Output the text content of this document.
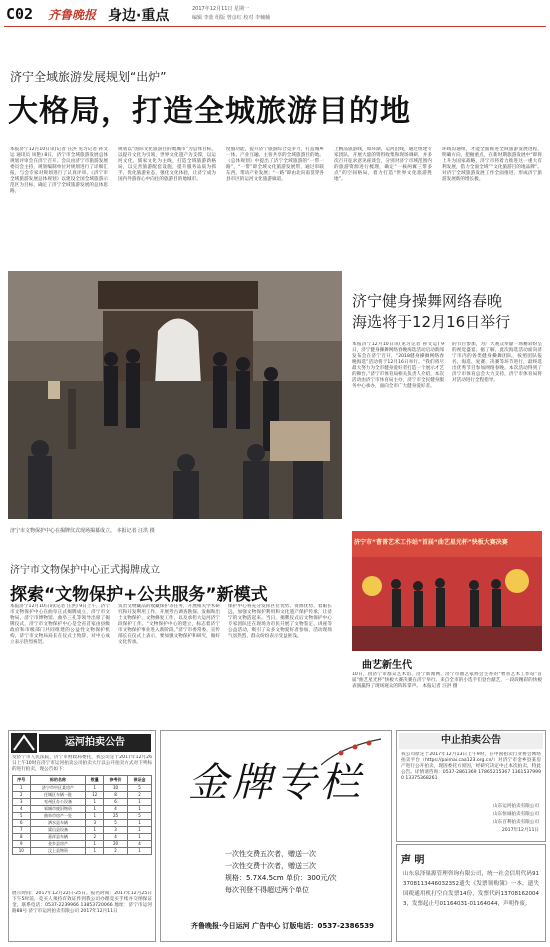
C02 齐鲁晚报 身边·重点	2017年12月11日 星期一
编辑 李蓝 组版 曾彦红 校对 李楠楠
济宁全域旅游发展规划“出炉”
大格局，打造全城旅游目的地
本报济宁12月10日讯(记者 汪洪 见习记者 孙文运 通讯员 凤艳) 8日，济宁市全域旅游发展总体规划评审会在济宁召开。会议由济宁市旅游发展委员会主持，规划编制单位对规划进行了详细汇报，与会专家对规划进行了认真评审。《济宁市全域旅游发展总体规划》以建设全国全域旅游示范区为目标，确定了济宁全域旅游发展的总体思路。
规划以“国际文化旅游目的地城市”为总体目标，以提升文化为引领，世界文化遗产为支撑，以运河文化、儒家文化为主线，打造全域旅游新格局，以完善旅游配套设施，提升服务品质为抓手，优化旅游业态，强化文化体验，让济宁成为国内外游客心中向往的旅游目的地城市。
度假功能，提升济宁旅游综合竞争力，打造城乡一体、产业互融、主客共享的全域旅游目的地。《总体规划》中提出了济宁全域旅游的“一带一路”，“一带”即全域文化旅游发展带，通过串联东西，带动产业发展；“一路”即由北向南贯穿各县市区的运河文化旅游廊道。
上精品旅游线，如环湖、运河沿线，通过组建专家团队，开展大量的资料收集和现场调研，并多次召开征求意见座谈会，分别对济宁市域范围内的旅游资源进行梳理，确定“一核两翼三带多点”的空间格局，着力打造“世界文化旅游胜地”。
环线沟通组，才能全面推进全域旅游发展进程，明确方向，把握重点，在新时期旅游发展中“即将上升为国家战略，济宁市将着力推进这一重大有利发展，借力全面全域”“文化旅游目的地品牌”。对济宁全域旅游发展工作全面推进，形成济宁旅游发展新的增长极。
济宁市文物保护中心在揭牌仪式现场揭幕成立。 本报记者 汪洪 摄
济宁健身操舞网络春晚
海选将于12月16日举行
本报济宁12月10日讯(见习记者 孙文运) 9日，济宁健身操舞网络春晚海选活动启动新闻发布会在济宁召开，“2018健身操舞网络春晚海选”活动将于12月16日举行。“我们将尽最大努力为全市健身爱好者打造一个展示才艺的舞台。”济宁市体育局相关负责人介绍，本次活动由济宁市体育局主办，济宁市全民健身服务中心承办，面向全市广大健身爱好者。
的节目参加，为广大观众奉献一场精彩纷呈的视觉盛宴。据了解，此次海选活动面向济宁市内的各类健身操舞团队，按照团队报名、海选、复赛、决赛等环节进行，最终选出优秀节目参加网络春晚。本次活动得到了济宁市体育总会大力支持，济宁市体育局将对活动进行全程指导。
济宁市文物保护中心正式揭牌成立
探索“文物保护+公共服务”新模式
本报济宁12月10日讯(记者 汪洪) 9日上午，济宁市文物保护中心在曲阜正式揭牌成立，济宁市文物局、济宁市博物馆、曲阜三孔等领导出席了揭牌仪式，济宁市文物保护中心是全省首家由县级政府和市级部门共同组建的公益性文物保护机构，济宁市文物局局长在仪式上致辞，对中心成立表示热烈祝贺。
负责文物藏品的收藏保护等任务，开展相关学术研究和开发利用工作，开展考古调查勘探、发掘和出土文物保护、文物修复工作，以及承担大运河济宁段保护工作。“文物保护中心的建立，标志着济宁市文物保护事业进入新阶段。”济宁市委常委、宣传部长在仪式上表示，要加强文物保护和研究，做好文化传承。
保护中心将充分发挥区位优势、资源优势，着眼长远，加强文物保护利用和文化遗产保护传承，让济宁的文物活起来。当日，揭牌仪式后文物保护中心专家团队还在现场为市民开展了文物鉴定、讲座等公益活动，吸引了众多文物爱好者参加，活动现场气氛热烈，群众纷纷表示受益匪浅。
济宁市“曹普艺术工作站”首届“曲艺星光杯”快板大赛决赛
曲艺新生代
10日，由济宁市群众艺术馆、济宁新闻网、济宁市曲艺家协会主办的“曹普艺术工作站”首届“曲艺星光杯”快板大赛决赛在济宁举行。来自全市的小选手们登台献艺，一段段精彩的快板表演赢得了现场观众的阵阵掌声。 本报记者 汪洪 摄
运河拍卖公告
受济宁市人民法院、济宁市财政局委托，我公司定于2017年12月26日上午10时在济宁市运河拍卖公司拍卖大厅以公开拍卖方式对下列标的进行拍卖，现公告如下：
序号	标的名称	数量	参考价	保证金
1	济宁市中区某房产	1	30	5
2	任城区车辆一批	12	8	2
3	兖州区办公设备	1	6	1
4	邹城市废旧物资	1	4	1
5	曲阜市房产一处	1	25	5
6	泗水县车辆	3	5	1
7	梁山县设备	1	3	1
8	嘉祥县车辆	2	4	1
9	金乡县房产	1	20	4
10	汶上县物资	1	2	1
展示时间：2017年12月22日-25日。报名时间：2017年12月25日下午5时前，竞买人须持有效证件到我公司办理竞买手续并交纳保证金。联系电话：0537-2239966 13853720066 地址：济宁市运河路88号 济宁市运河拍卖有限公司 2017年12月11日
金牌专栏
一次性交费五次者，赠送一次
一次性交费十次者，赠送三次
规格：5.7X4.5cm 单价：300元/次
每次刊登不得超过两个单位
齐鲁晚报·今日运河 广告中心 订版电话：0537-2386539
中止拍卖公告
我公司原定于2017年12月13日上午9时，在中国拍卖行业协会网络拍卖平台（https://paimai.caa123.org.cn/）对济宁市金乡县某房产进行公开拍卖，现因委托方原因，经研究决定中止本次拍卖，特此公告。详情请咨询：0537-2861369 17865215367 13615379990 13375368261
山东运河拍卖有限公司
山东恒诚拍卖有限公司
山东百利拍卖有限公司
2017年12月11日
声 明
山东泉泽巢源管理咨询有限公司，统一社会信用代码913708113446032352遗失《发票领购簿》一本，遗失国税通用机打空白发票14份，发票代码137081620043，发票起止号01164031-01164044，声明作废。
